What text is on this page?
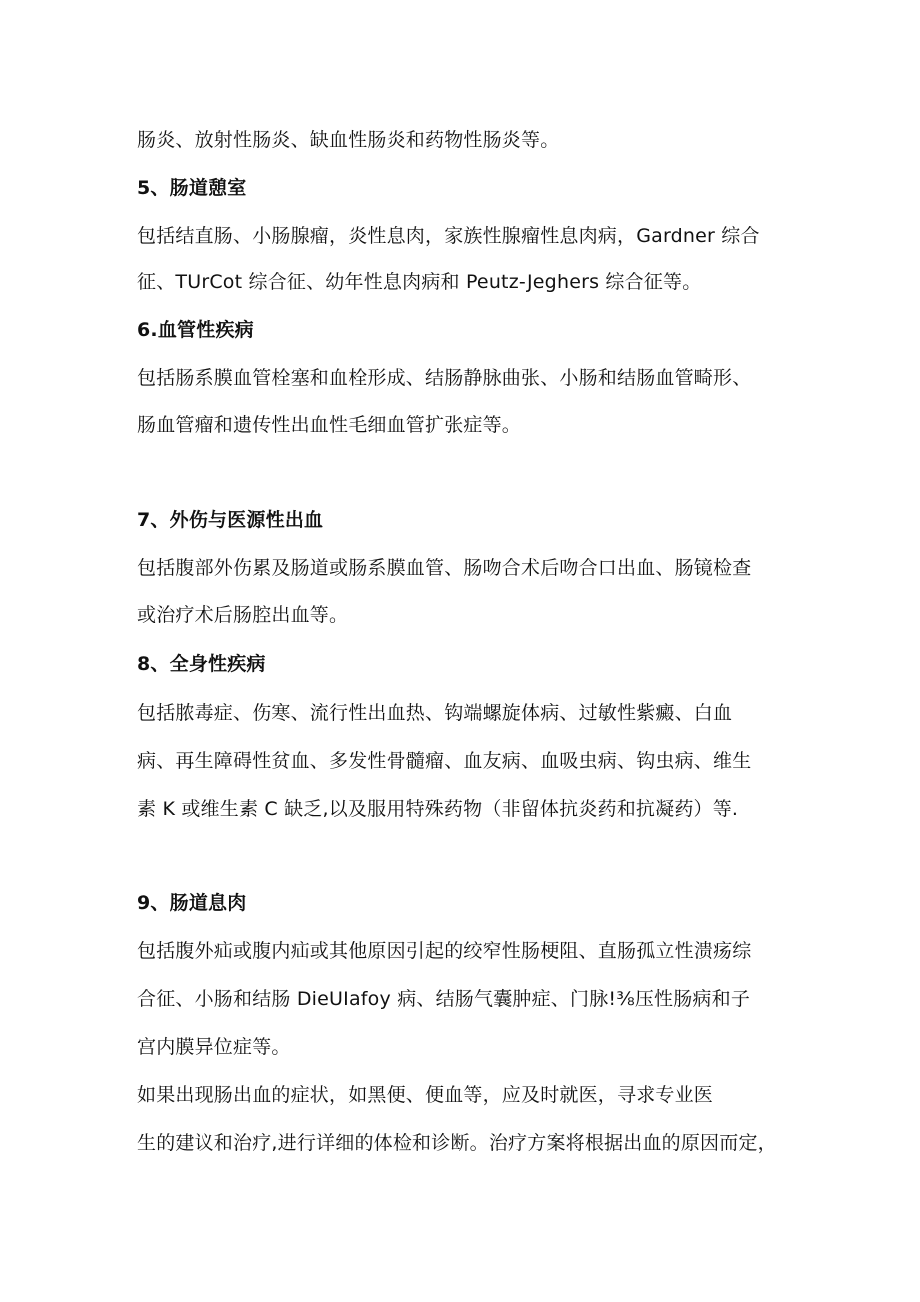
肠炎、放射性肠炎、缺血性肠炎和药物性肠炎等。
5、肠道憩室
包括结直肠、小肠腺瘤，炎性息肉，家族性腺瘤性息肉病，Gardner 综合
征、TUrCot 综合征、幼年性息肉病和 Peutz-Jeghers 综合征等。
6.血管性疾病
包括肠系膜血管栓塞和血栓形成、结肠静脉曲张、小肠和结肠血管畸形、
肠血管瘤和遗传性出血性毛细血管扩张症等。
7、外伤与医源性出血
包括腹部外伤累及肠道或肠系膜血管、肠吻合术后吻合口出血、肠镜检查
或治疗术后肠腔出血等。
8、全身性疾病
包括脓毒症、伤寒、流行性出血热、钩端螺旋体病、过敏性紫癜、白血
病、再生障碍性贫血、多发性骨髓瘤、血友病、血吸虫病、钩虫病、维生
素 K 或维生素 C 缺乏,以及服用特殊药物（非留体抗炎药和抗凝药）等.
9、肠道息肉
包括腹外疝或腹内疝或其他原因引起的绞窄性肠梗阻、直肠孤立性溃疡综
合征、小肠和结肠 DieUIafoy 病、结肠气囊肿症、门脉!⅜压性肠病和子
宫内膜异位症等。
如果出现肠出血的症状，如黑便、便血等，应及时就医，寻求专业医
生的建议和治疗,进行详细的体检和诊断。治疗方案将根据出血的原因而定，
